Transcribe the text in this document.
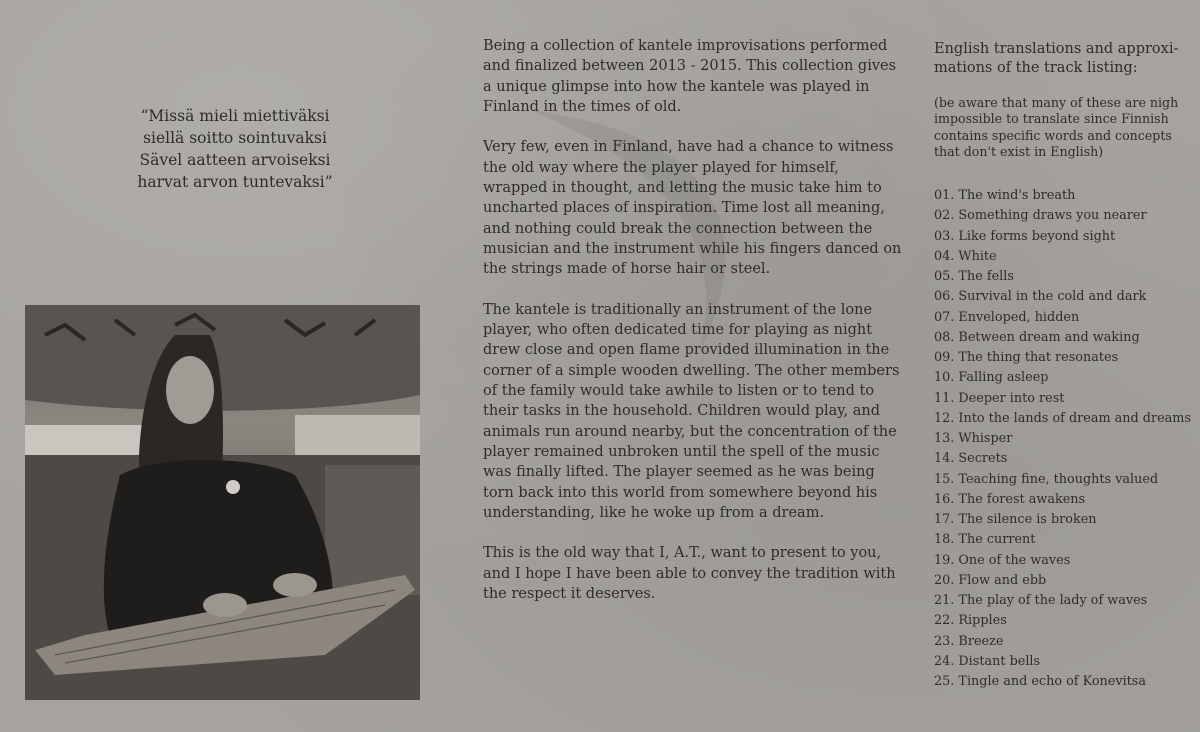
“Missä mieli miettiväksi
siellä soitto sointuvaksi
Sävel aatteen arvoiseksi
harvat arvon tuntevaksi”

Being a collection of kantele improvisations performed and finalized between 2013 - 2015. This collection gives a unique glimpse into how the kantele was played in Finland in the times of old.

Very few, even in Finland, have had a chance to witness the old way where the player played for himself, wrapped in thought, and letting the music take him to uncharted places of inspiration. Time lost all meaning, and nothing could break the connection between the musician and the instrument while his fingers danced on the strings made of horse hair or steel.

The kantele is traditionally an instrument of the lone player, who often dedicated time for playing as night drew close and open flame provided illumination in the corner of a simple wooden dwelling. The other members of the family would take awhile to listen or to tend to their tasks in the household. Children would play, and animals run around nearby, but the concentration of the player remained unbroken until the spell of the music was finally lifted. The player seemed as he was being torn back into this world from somewhere beyond his understanding, like he woke up from a dream.

This is the old way that I, A.T., want to present to you, and I hope I have been able to convey the tradition with the respect it deserves.

English translations and approxi-mations of the track listing:

(be aware that many of these are nigh impossible to translate since Finnish contains specific words and concepts that don't exist in English)

01. The wind's breath
02. Something draws you nearer
03. Like forms beyond sight
04. White
05. The fells
06. Survival in the cold and dark
07. Enveloped, hidden
08. Between dream and waking
09. The thing that resonates
10. Falling asleep
11. Deeper into rest
12. Into the lands of dream and dreams
13. Whisper
14. Secrets
15. Teaching fine, thoughts valued
16. The forest awakens
17. The silence is broken
18. The current
19. One of the waves
20. Flow and ebb
21. The play of the lady of waves
22. Ripples
23. Breeze
24. Distant bells
25. Tingle and echo of Konevitsa
